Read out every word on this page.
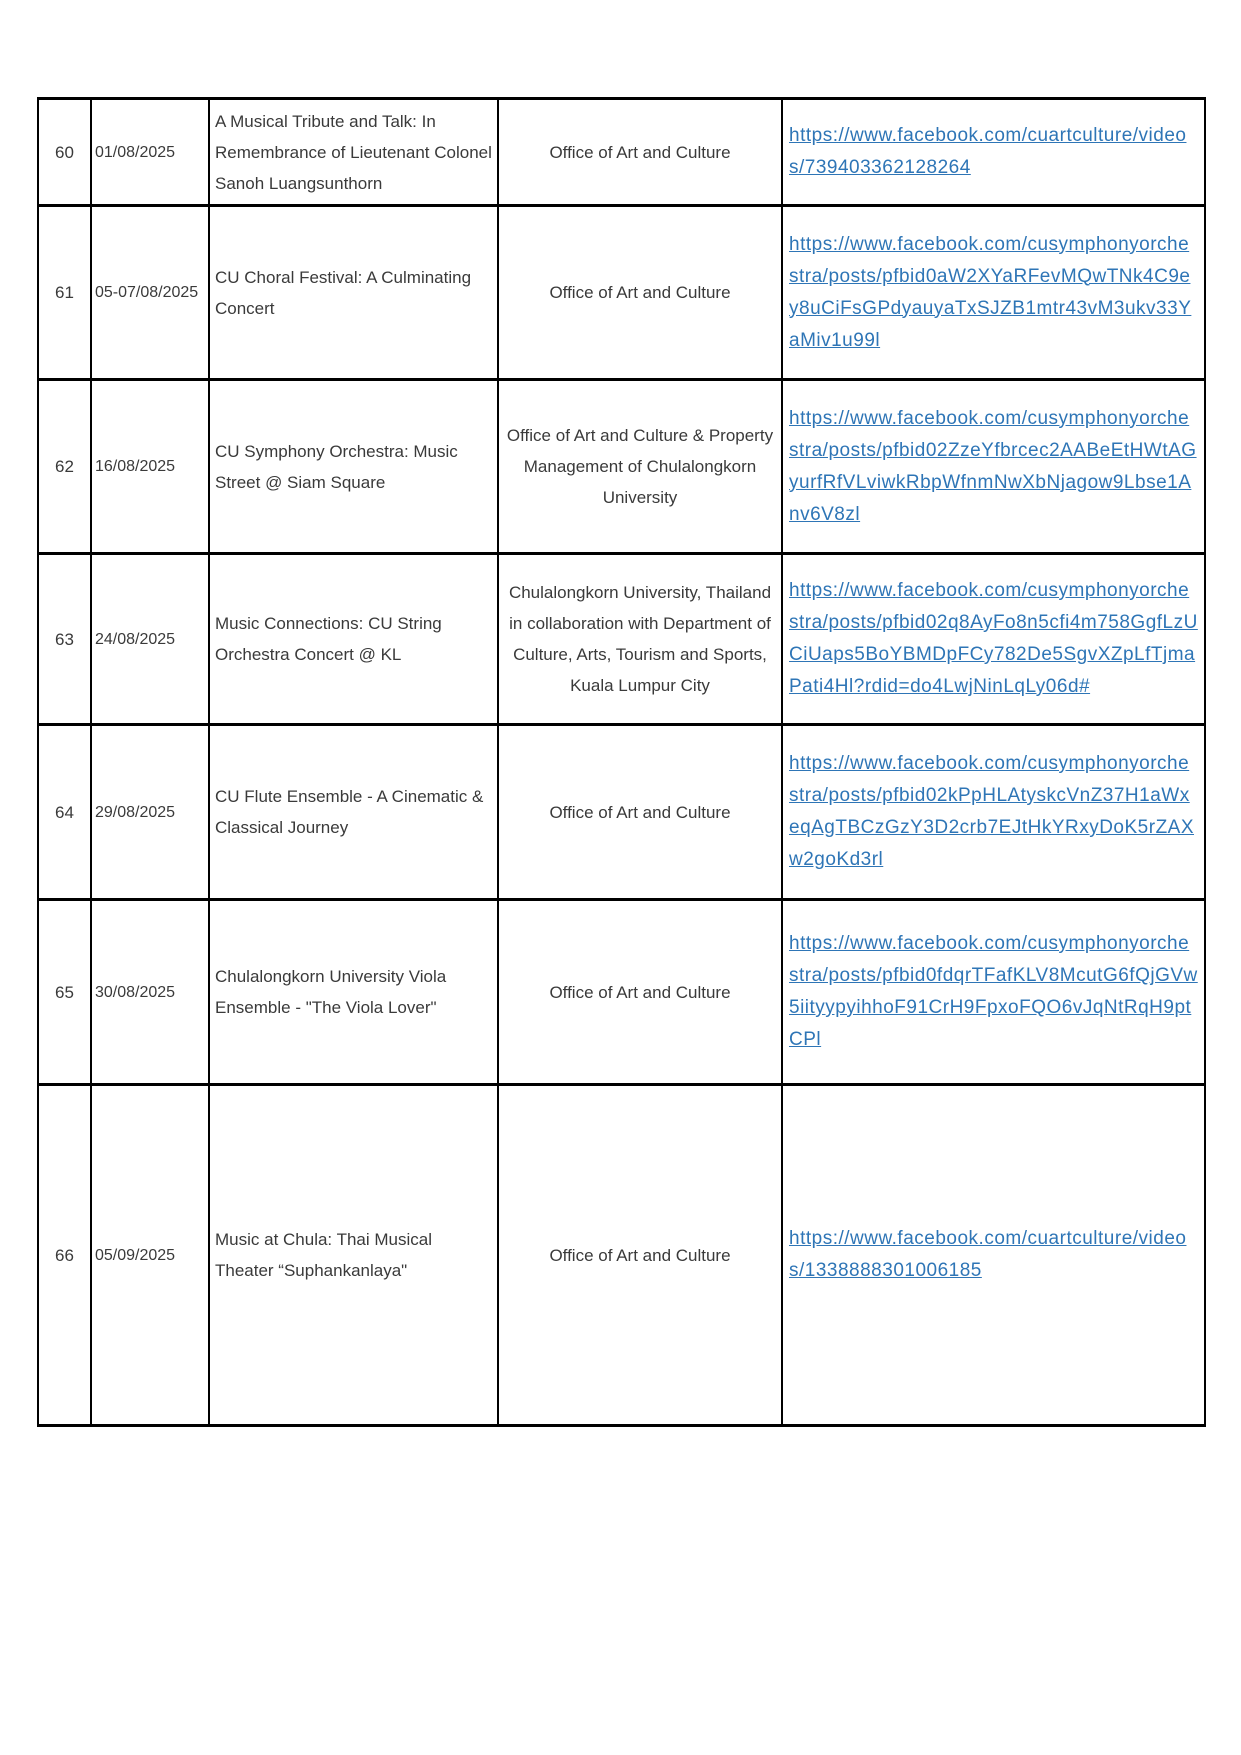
60	01/08/2025	A Musical Tribute and Talk: In Remembrance of Lieutenant Colonel Sanoh Luangsunthorn	Office of Art and Culture	https://www.facebook.com/cuartculture/videos/739403362128264
61	05-07/08/2025	CU Choral Festival: A Culminating Concert	Office of Art and Culture	https://www.facebook.com/cusymphonyorchestra/posts/pfbid0aW2XYaRFevMQwTNk4C9ey8uCiFsGPdyauyaTxSJZB1mtr43vM3ukv33YaMiv1u99l
62	16/08/2025	CU Symphony Orchestra: Music Street @ Siam Square	Office of Art and Culture & Property Management of Chulalongkorn University	https://www.facebook.com/cusymphonyorchestra/posts/pfbid02ZzeYfbrcec2AABeEtHWtAGyurfRfVLviwkRbpWfnmNwXbNjagow9Lbse1Anv6V8zl
63	24/08/2025	Music Connections: CU String Orchestra Concert @ KL	Chulalongkorn University, Thailand in collaboration with Department of Culture, Arts, Tourism and Sports, Kuala Lumpur City	https://www.facebook.com/cusymphonyorchestra/posts/pfbid02q8AyFo8n5cfi4m758GgfLzUCiUaps5BoYBMDpFCy782De5SgvXZpLfTjmaPati4Hl?rdid=do4LwjNinLqLy06d#
64	29/08/2025	CU Flute Ensemble - A Cinematic & Classical Journey	Office of Art and Culture	https://www.facebook.com/cusymphonyorchestra/posts/pfbid02kPpHLAtyskcVnZ37H1aWxeqAgTBCzGzY3D2crb7EJtHkYRxyDoK5rZAXw2goKd3rl
65	30/08/2025	Chulalongkorn University Viola Ensemble - "The Viola Lover"	Office of Art and Culture	https://www.facebook.com/cusymphonyorchestra/posts/pfbid0fdqrTFafKLV8McutG6fQjGVw5iityypyihhoF91CrH9FpxoFQO6vJqNtRqH9ptCPl
66	05/09/2025	Music at Chula: Thai Musical Theater “Suphankanlaya"	Office of Art and Culture	https://www.facebook.com/cuartculture/videos/1338888301006185
